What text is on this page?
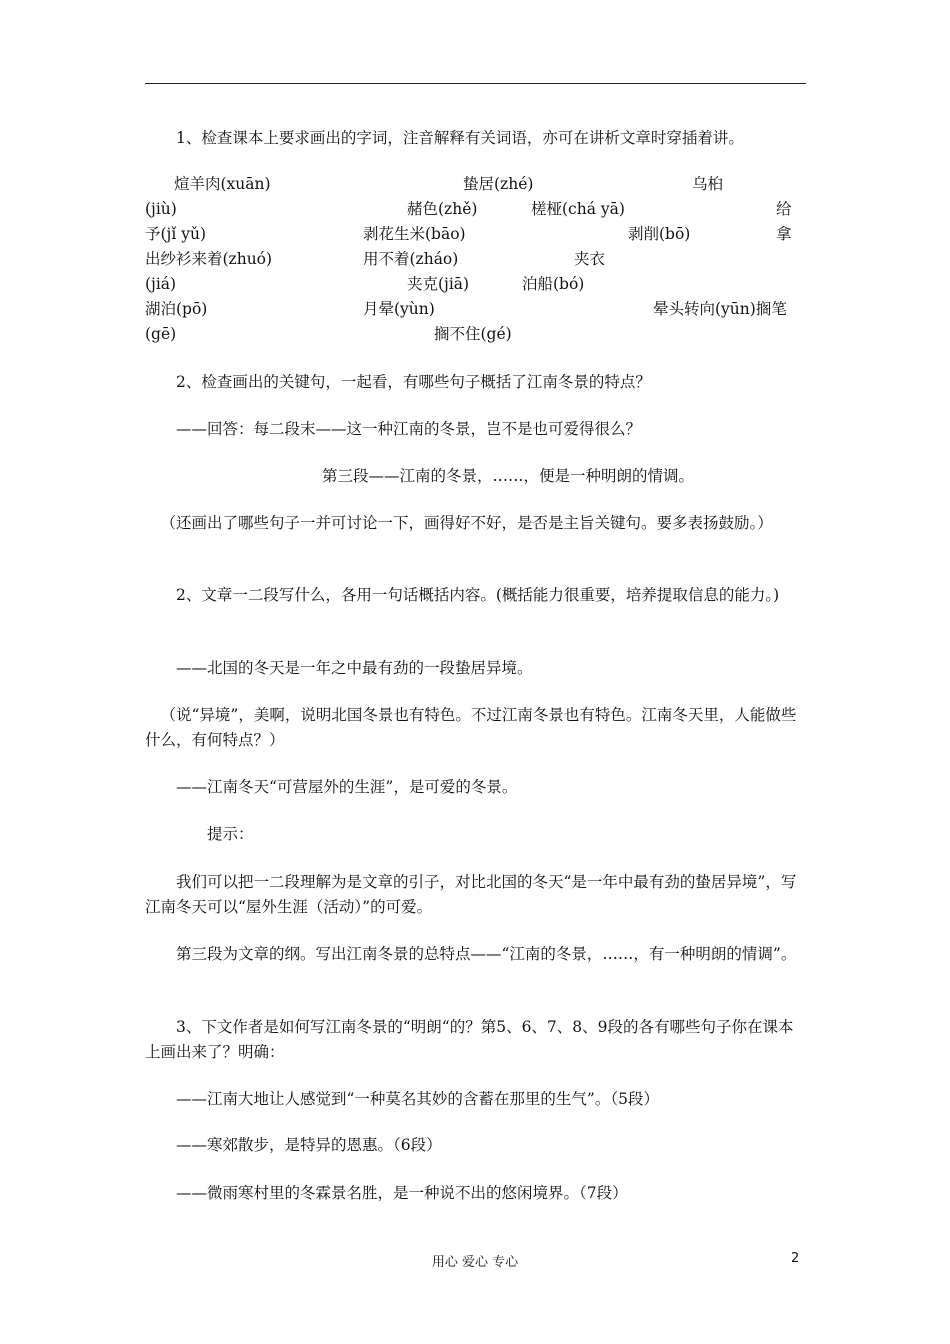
1、检查课本上要求画出的字词，注音解释有关词语，亦可在讲析文章时穿插着讲。
煊羊肉(xuān)	蛰居(zhé)	乌桕
(jiù)	赭色(zhě)	槎桠(chá yā)	给
予(jǐ yǔ)	剥花生米(bāo)	剥削(bō)	拿
出纱衫来着(zhuó)	用不着(zháo)	夹衣
(jiá)	夹克(jiā)	泊船(bó)
湖泊(pō)	月晕(yùn)	晕头转向(yūn)搁笔
(gē)	搁不住(gé)
2、检查画出的关键句，一起看，有哪些句子概括了江南冬景的特点？
——回答：每二段末——这一种江南的冬景，岂不是也可爱得很么？
第三段——江南的冬景，……，便是一种明朗的情调。
（还画出了哪些句子一并可讨论一下，画得好不好，是否是主旨关键句。要多表扬鼓励。）
2、文章一二段写什么，各用一句话概括内容。(概括能力很重要，培养提取信息的能力。)
——北国的冬天是一年之中最有劲的一段蛰居异境。
（说“异境”，美啊，说明北国冬景也有特色。不过江南冬景也有特色。江南冬天里，人能做些什么，有何特点？）
——江南冬天“可营屋外的生涯”，是可爱的冬景。
提示：
我们可以把一二段理解为是文章的引子，对比北国的冬天“是一年中最有劲的蛰居异境”，写江南冬天可以“屋外生涯（活动）”的可爱。
第三段为文章的纲。写出江南冬景的总特点——“江南的冬景，……，有一种明朗的情调”。
3、下文作者是如何写江南冬景的“明朗“的？第5、6、7、8、9段的各有哪些句子你在课本上画出来了？明确：
——江南大地让人感觉到“一种莫名其妙的含蓄在那里的生气”。（5段）
——寒郊散步，是特异的恩惠。（6段）
——微雨寒村里的冬霖景名胜，是一种说不出的悠闲境界。（7段）
用心 爱心 专心	2
